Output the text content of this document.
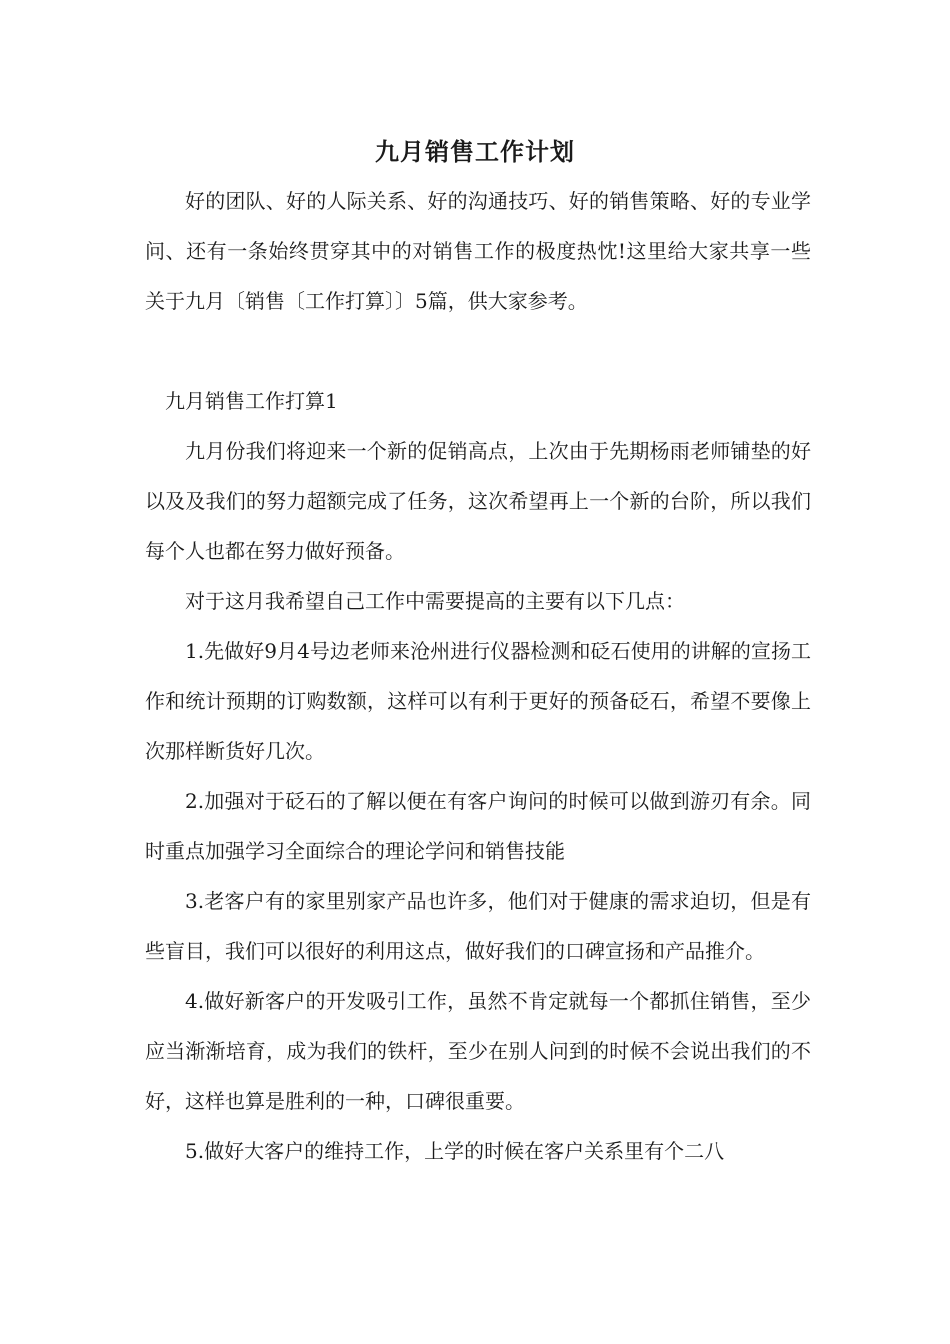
九月销售工作计划

好的团队、好的人际关系、好的沟通技巧、好的销售策略、好的专业学问、还有一条始终贯穿其中的对销售工作的极度热忱!这里给大家共享一些关于九月〔销售〔工作打算〕〕5篇，供大家参考。

九月销售工作打算1

九月份我们将迎来一个新的促销高点，上次由于先期杨雨老师铺垫的好以及及我们的努力超额完成了任务，这次希望再上一个新的台阶，所以我们每个人也都在努力做好预备。

对于这月我希望自己工作中需要提高的主要有以下几点：

1.先做好9月4号边老师来沧州进行仪器检测和砭石使用的讲解的宣扬工作和统计预期的订购数额，这样可以有利于更好的预备砭石，希望不要像上次那样断货好几次。

2.加强对于砭石的了解以便在有客户询问的时候可以做到游刃有余。同时重点加强学习全面综合的理论学问和销售技能

3.老客户有的家里别家产品也许多，他们对于健康的需求迫切，但是有些盲目，我们可以很好的利用这点，做好我们的口碑宣扬和产品推介。

4.做好新客户的开发吸引工作，虽然不肯定就每一个都抓住销售，至少应当渐渐培育，成为我们的铁杆，至少在别人问到的时候不会说出我们的不好，这样也算是胜利的一种，口碑很重要。

5.做好大客户的维持工作，上学的时候在客户关系里有个二八
